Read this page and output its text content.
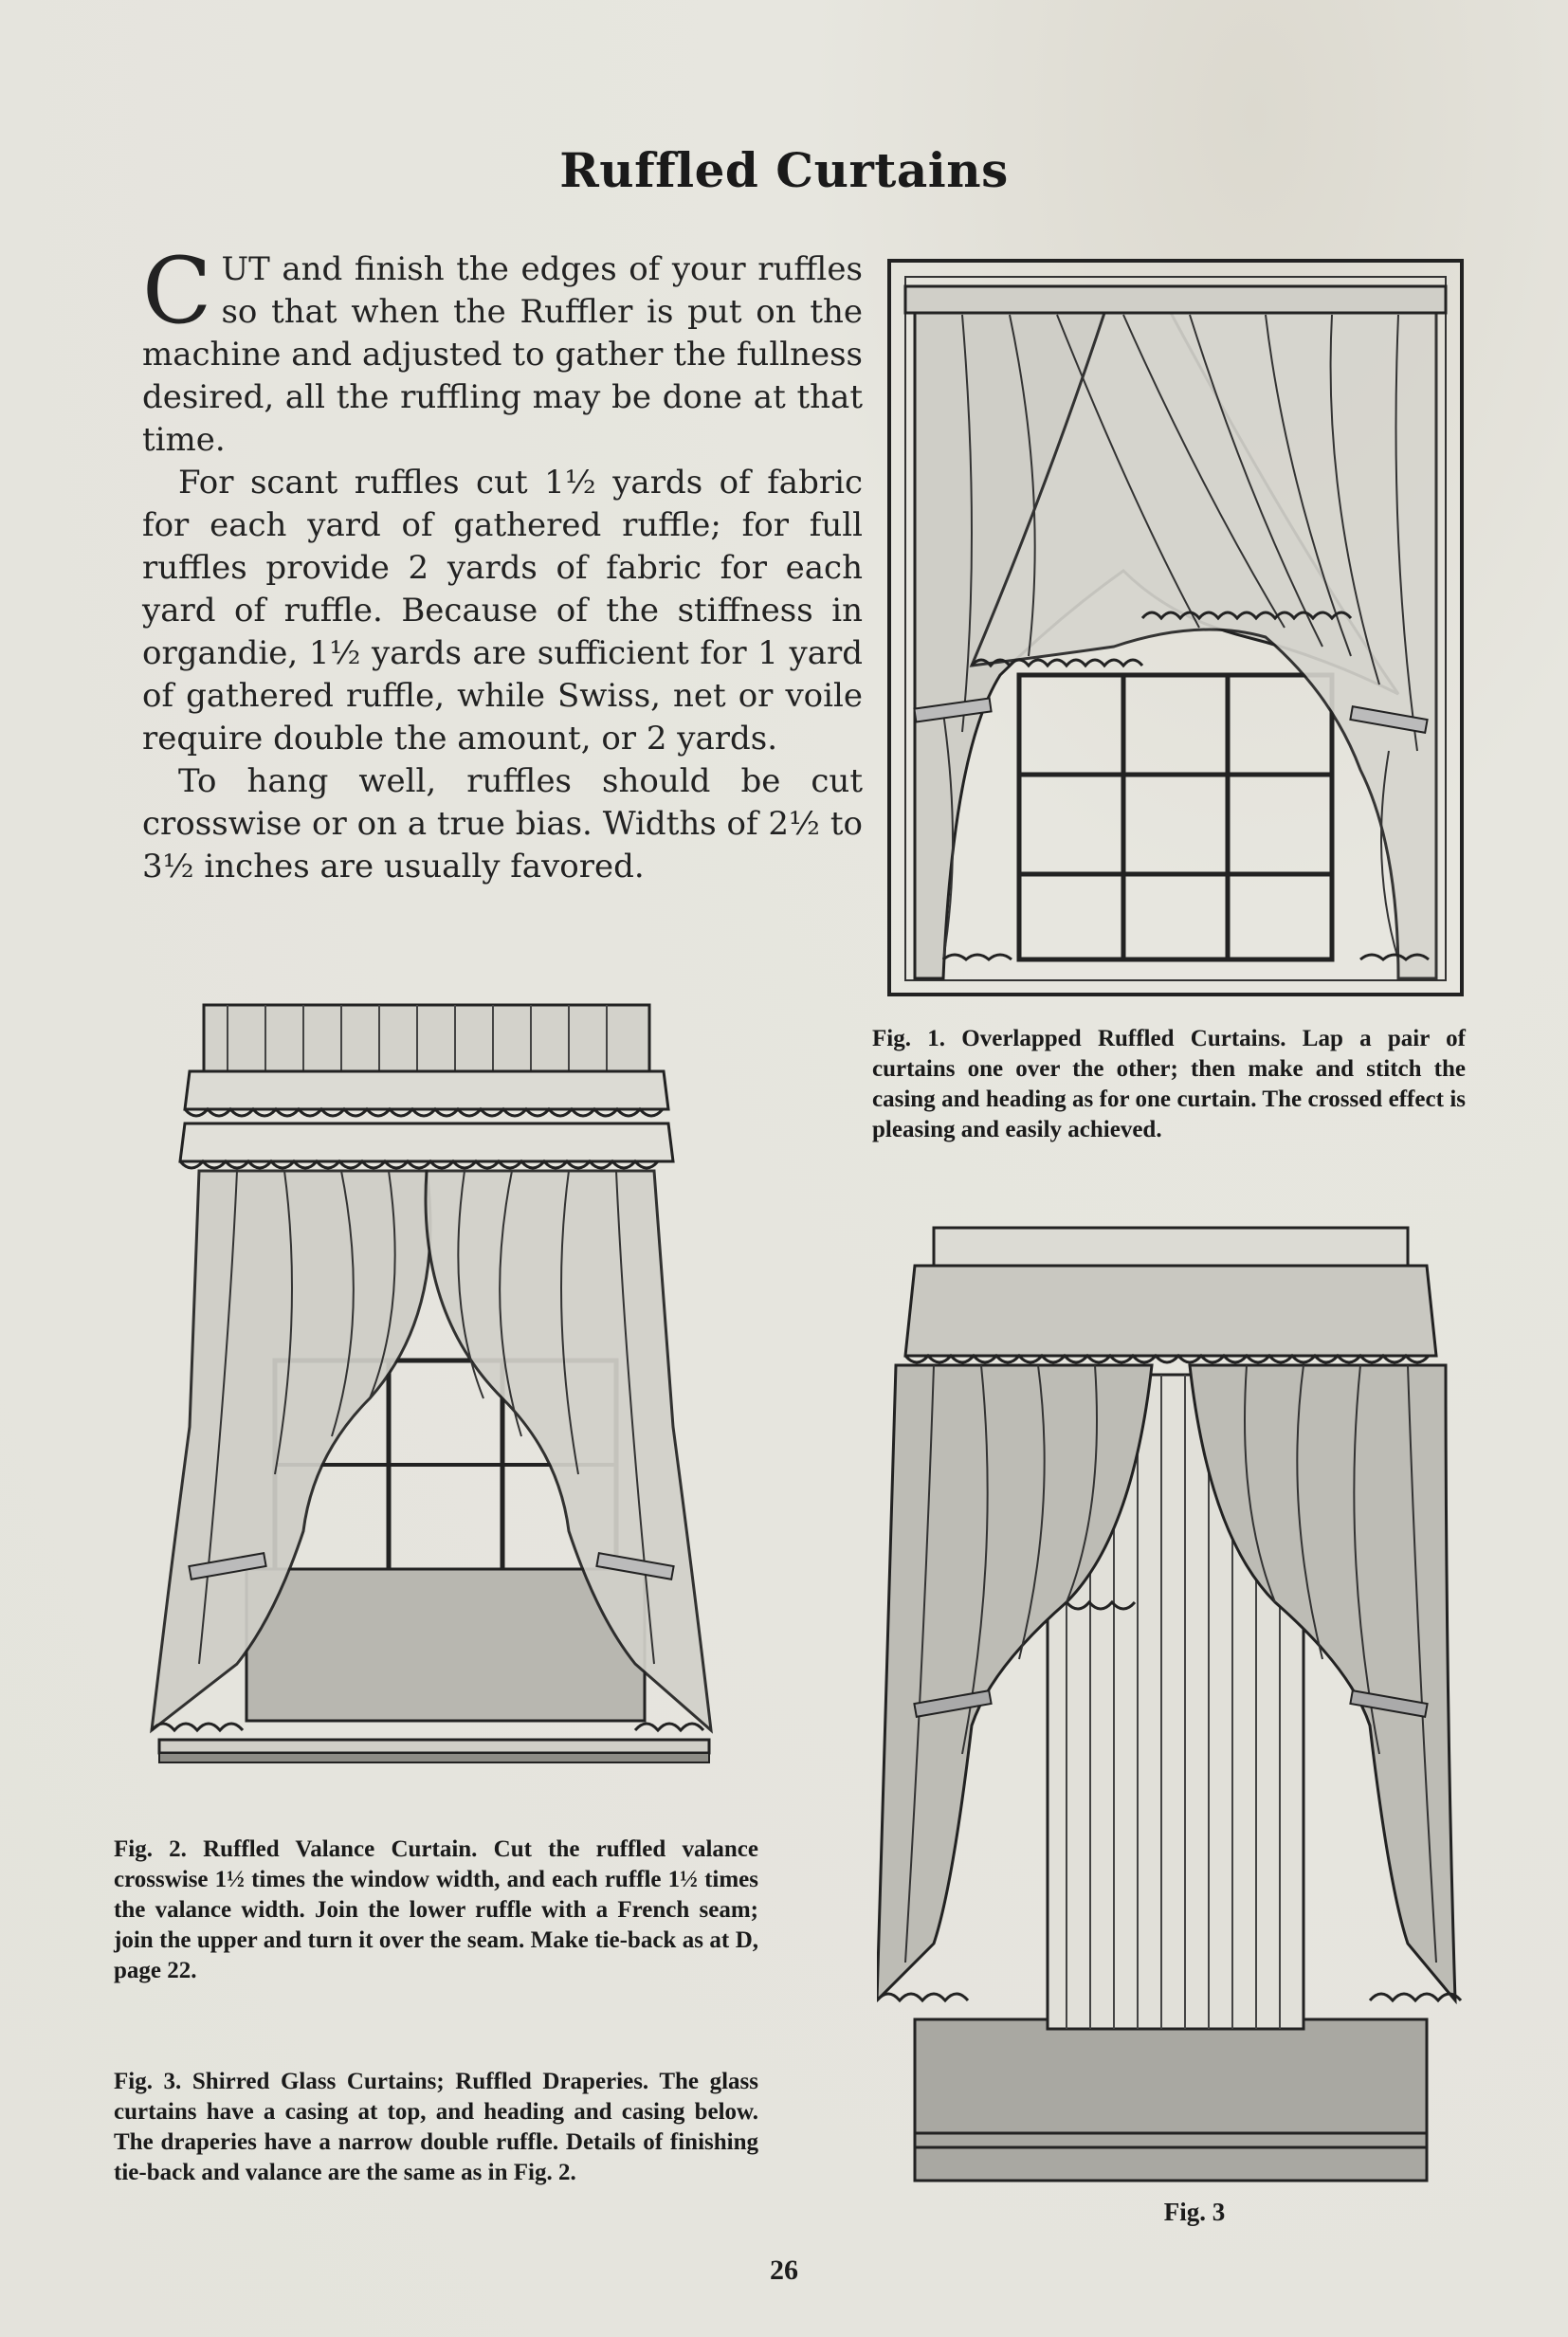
Ruffled Curtains

CUT and finish the edges of your ruffles so that when the Ruffler is put on the machine and adjusted to gather the fullness desired, all the ruffling may be done at that time.

For scant ruffles cut 1½ yards of fabric for each yard of gathered ruffle; for full ruffles provide 2 yards of fabric for each yard of ruffle. Because of the stiffness in organdie, 1½ yards are sufficient for 1 yard of gathered ruffle, while Swiss, net or voile require double the amount, or 2 yards.

To hang well, ruffles should be cut crosswise or on a true bias. Widths of 2½ to 3½ inches are usually favored.

Fig. 1. Overlapped Ruffled Curtains. Lap a pair of curtains one over the other; then make and stitch the casing and heading as for one curtain. The crossed effect is pleasing and easily achieved.
Fig. 2. Ruffled Valance Curtain. Cut the ruffled valance crosswise 1½ times the window width, and each ruffle 1½ times the valance width. Join the lower ruffle with a French seam; join the upper and turn it over the seam. Make tie-back as at D, page 22.
Fig. 3. Shirred Glass Curtains; Ruffled Draperies. The glass curtains have a casing at top, and heading and casing below. The draperies have a narrow double ruffle. Details of finishing tie-back and valance are the same as in Fig. 2.
Fig. 3
26
